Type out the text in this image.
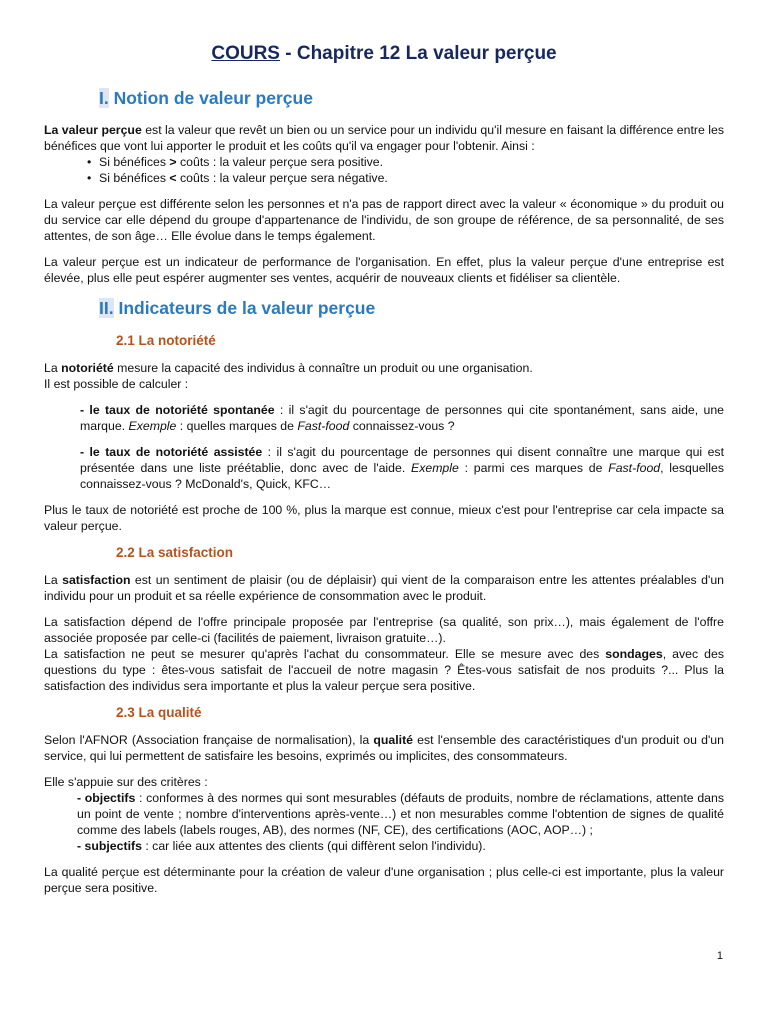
COURS - Chapitre 12 La valeur perçue
I. Notion de valeur perçue

La valeur perçue est la valeur que revêt un bien ou un service pour un individu qu'il mesure en faisant la différence entre les bénéfices que vont lui apporter le produit et les coûts qu'il va engager pour l'obtenir. Ainsi :

• Si bénéfices > coûts : la valeur perçue sera positive.
• Si bénéfices < coûts : la valeur perçue sera négative.

La valeur perçue est différente selon les personnes et n'a pas de rapport direct avec la valeur « économique » du produit ou du service car elle dépend du groupe d'appartenance de l'individu, de son groupe de référence, de sa personnalité, de ses attentes, de son âge… Elle évolue dans le temps également.

La valeur perçue est un indicateur de performance de l'organisation. En effet, plus la valeur perçue d'une entreprise est élevée, plus elle peut espérer augmenter ses ventes, acquérir de nouveaux clients et fidéliser sa clientèle.

II. Indicateurs de la valeur perçue
2.1 La notoriété

La notoriété mesure la capacité des individus à connaître un produit ou une organisation.

Il est possible de calculer :

- le taux de notoriété spontanée : il s'agit du pourcentage de personnes qui cite spontanément, sans aide, une marque. Exemple : quelles marques de Fast-food connaissez-vous ?

- le taux de notoriété assistée : il s'agit du pourcentage de personnes qui disent connaître une marque qui est présentée dans une liste préétablie, donc avec de l'aide. Exemple : parmi ces marques de Fast-food, lesquelles connaissez-vous ? McDonald's, Quick, KFC…

Plus le taux de notoriété est proche de 100 %, plus la marque est connue, mieux c'est pour l'entreprise car cela impacte sa valeur perçue.

2.2 La satisfaction

La satisfaction est un sentiment de plaisir (ou de déplaisir) qui vient de la comparaison entre les attentes préalables d'un individu pour un produit et sa réelle expérience de consommation avec le produit.

La satisfaction dépend de l'offre principale proposée par l'entreprise (sa qualité, son prix…), mais également de l'offre associée proposée par celle-ci (facilités de paiement, livraison gratuite…).

La satisfaction ne peut se mesurer qu'après l'achat du consommateur. Elle se mesure avec des sondages, avec des questions du type : êtes-vous satisfait de l'accueil de notre magasin ? Êtes-vous satisfait de nos produits ?... Plus la satisfaction des individus sera importante et plus la valeur perçue sera positive.

2.3 La qualité

Selon l'AFNOR (Association française de normalisation), la qualité est l'ensemble des caractéristiques d'un produit ou d'un service, qui lui permettent de satisfaire les besoins, exprimés ou implicites, des consommateurs.

Elle s'appuie sur des critères :

- objectifs : conformes à des normes qui sont mesurables (défauts de produits, nombre de réclamations, attente dans un point de vente ; nombre d'interventions après-vente…) et non mesurables comme l'obtention de signes de qualité comme des labels (labels rouges, AB), des normes (NF, CE), des certifications (AOC, AOP…) ;

- subjectifs : car liée aux attentes des clients (qui diffèrent selon l'individu).

La qualité perçue est déterminante pour la création de valeur d'une organisation ; plus celle-ci est importante, plus la valeur perçue sera positive.

1
